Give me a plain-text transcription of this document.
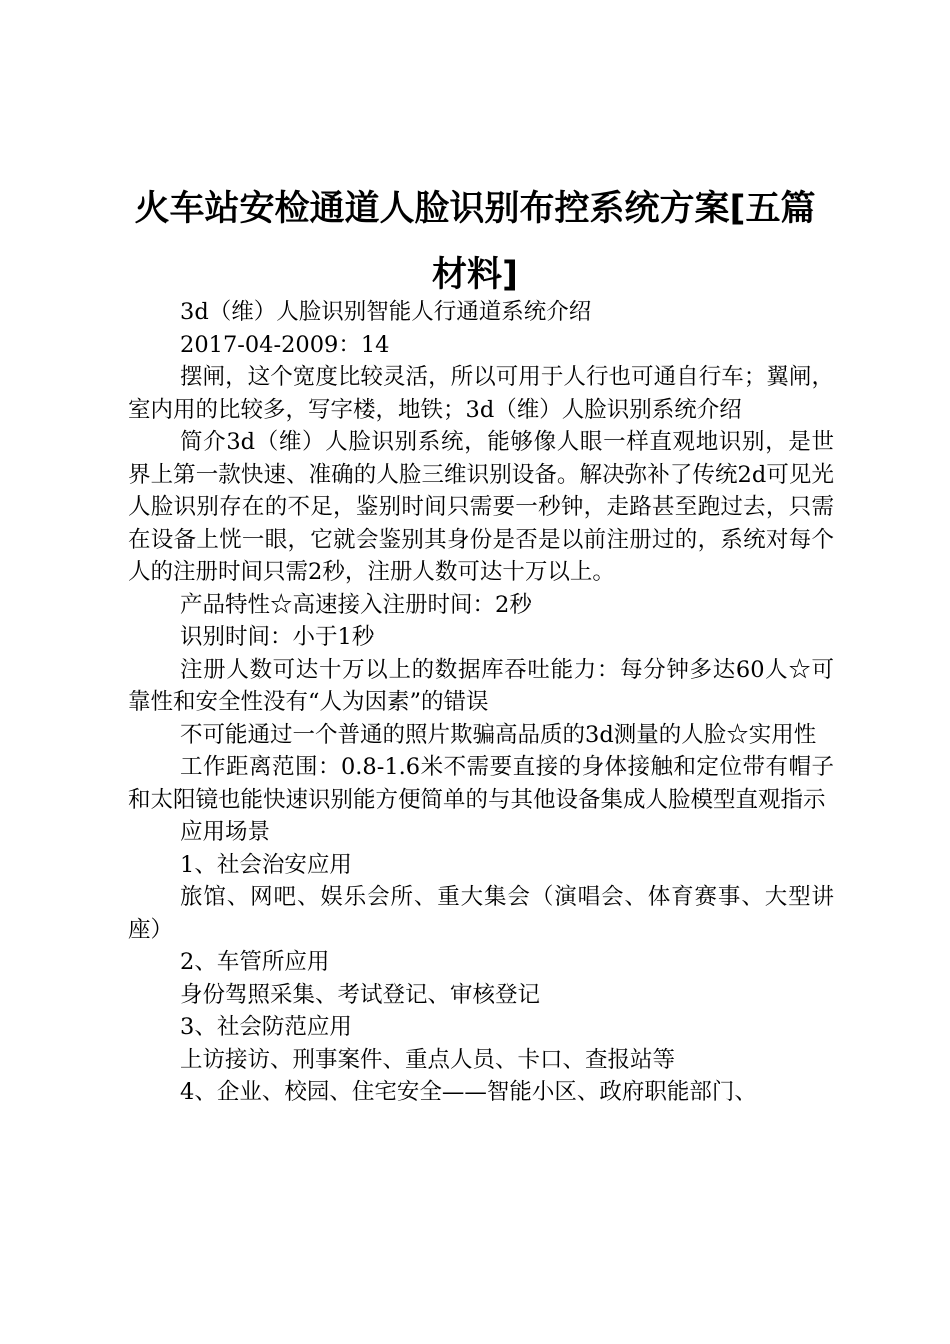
火车站安检通道人脸识别布控系统方案[五篇材料]

3d（维）人脸识别智能人行通道系统介绍

2017-04-2009：14

摆闸，这个宽度比较灵活，所以可用于人行也可通自行车；翼闸，室内用的比较多，写字楼，地铁；3d（维）人脸识别系统介绍

简介3d（维）人脸识别系统，能够像人眼一样直观地识别，是世界上第一款快速、准确的人脸三维识别设备。解决弥补了传统2d可见光人脸识别存在的不足，鉴别时间只需要一秒钟，走路甚至跑过去，只需在设备上恍一眼，它就会鉴别其身份是否是以前注册过的，系统对每个人的注册时间只需2秒，注册人数可达十万以上。

产品特性☆高速接入注册时间：2秒

识别时间：小于1秒

注册人数可达十万以上的数据库吞吐能力：每分钟多达60人☆可靠性和安全性没有“人为因素”的错误

不可能通过一个普通的照片欺骗高品质的3d测量的人脸☆实用性

工作距离范围：0.8-1.6米不需要直接的身体接触和定位带有帽子和太阳镜也能快速识别能方便简单的与其他设备集成人脸模型直观指示

应用场景

1、社会治安应用

旅馆、网吧、娱乐会所、重大集会（演唱会、体育赛事、大型讲座）

2、车管所应用

身份驾照采集、考试登记、审核登记

3、社会防范应用

上访接访、刑事案件、重点人员、卡口、查报站等

4、企业、校园、住宅安全——智能小区、政府职能部门、
